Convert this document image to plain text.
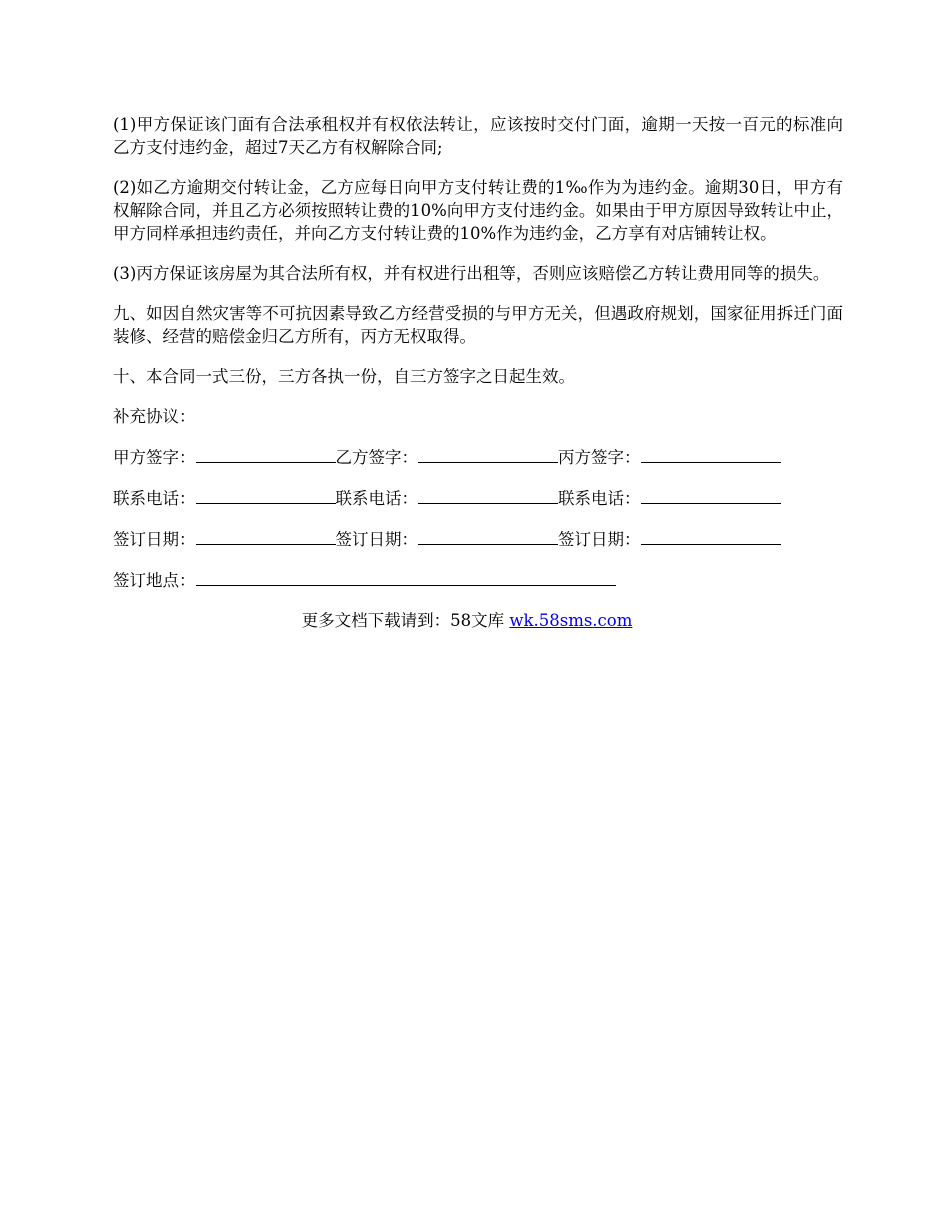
(1)甲方保证该门面有合法承租权并有权依法转让，应该按时交付门面，逾期一天按一百元的标准向乙方支付违约金，超过7天乙方有权解除合同;

(2)如乙方逾期交付转让金，乙方应每日向甲方支付转让费的1‰作为为违约金。逾期30日，甲方有权解除合同，并且乙方必须按照转让费的10%向甲方支付违约金。如果由于甲方原因导致转让中止，甲方同样承担违约责任，并向乙方支付转让费的10%作为违约金，乙方享有对店铺转让权。

(3)丙方保证该房屋为其合法所有权，并有权进行出租等，否则应该赔偿乙方转让费用同等的损失。

九、如因自然灾害等不可抗因素导致乙方经营受损的与甲方无关，但遇政府规划，国家征用拆迁门面装修、经营的赔偿金归乙方所有，丙方无权取得。

十、本合同一式三份，三方各执一份，自三方签字之日起生效。

补充协议：

甲方签字：	乙方签字：	丙方签字：
联系电话：	联系电话：	联系电话：
签订日期：	签订日期：	签订日期：
签订地点：
更多文档下载请到：58文库 wk.58sms.com
